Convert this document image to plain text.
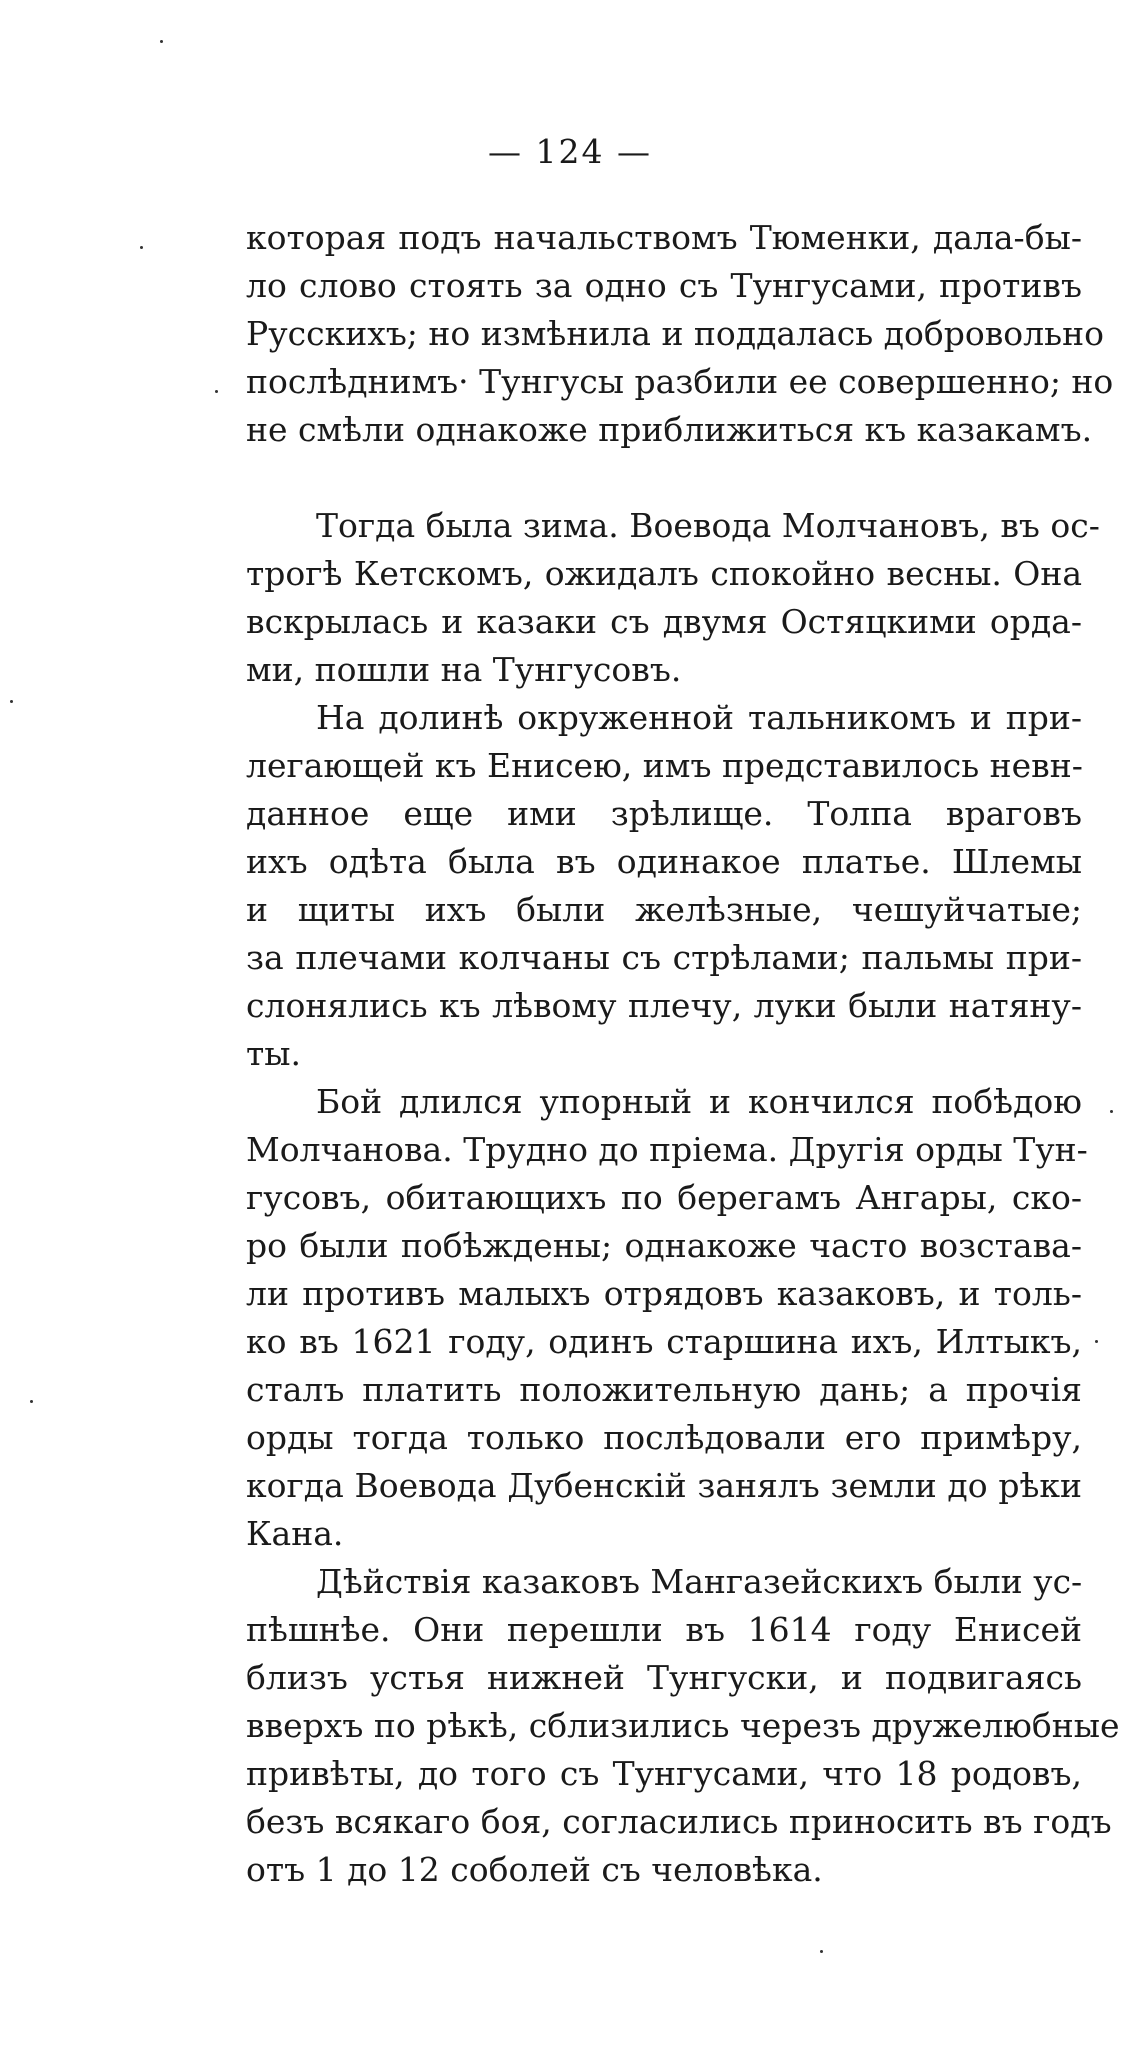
— 124 —
которая подъ начальствомъ Тюменки, дала-бы-
ло слово стоять за одно съ Тунгусами, противъ
Русскихъ; но измѣнила и поддалась добровольно
послѣднимъ· Тунгусы разбили ее совершенно; но
не смѣли однакоже приближиться къ казакамъ.
Тогда была зима. Воевода Молчановъ, въ ос-
трогѣ Кетскомъ, ожидалъ спокойно весны. Она
вскрылась и казаки съ двумя Остяцкими орда-
ми, пошли на Тунгусовъ.
На долинѣ окруженной тальникомъ и при-
легающей къ Енисею, имъ представилось невн-
данное еще ими зрѣлище. Толпа враговъ
ихъ одѣта была въ одинакое платье. Шлемы
и щиты ихъ были желѣзные, чешуйчатые;
за плечами колчаны съ стрѣлами; пальмы при-
слонялись къ лѣвому плечу, луки были натяну-
ты.
Бой длился упорный и кончился побѣдою
Молчанова. Трудно до пріема. Другія орды Тун-
гусовъ, обитающихъ по берегамъ Ангары, ско-
ро были побѣждены; однакоже часто возстава-
ли противъ малыхъ отрядовъ казаковъ, и толь-
ко въ 1621 году, одинъ старшина ихъ, Илтыкъ,
сталъ платить положительную дань; а прочія
орды тогда только послѣдовали его примѣру,
когда Воевода Дубенскій занялъ земли до рѣки
Кана.
Дѣйствія казаковъ Мангазейскихъ были ус-
пѣшнѣе. Они перешли въ 1614 году Енисей
близъ устья нижней Тунгуски, и подвигаясь
вверхъ по рѣкѣ, сблизились черезъ дружелюбные
привѣты, до того съ Тунгусами, что 18 родовъ,
безъ всякаго боя, согласились приносить въ годъ
отъ 1 до 12 соболей съ человѣка.
